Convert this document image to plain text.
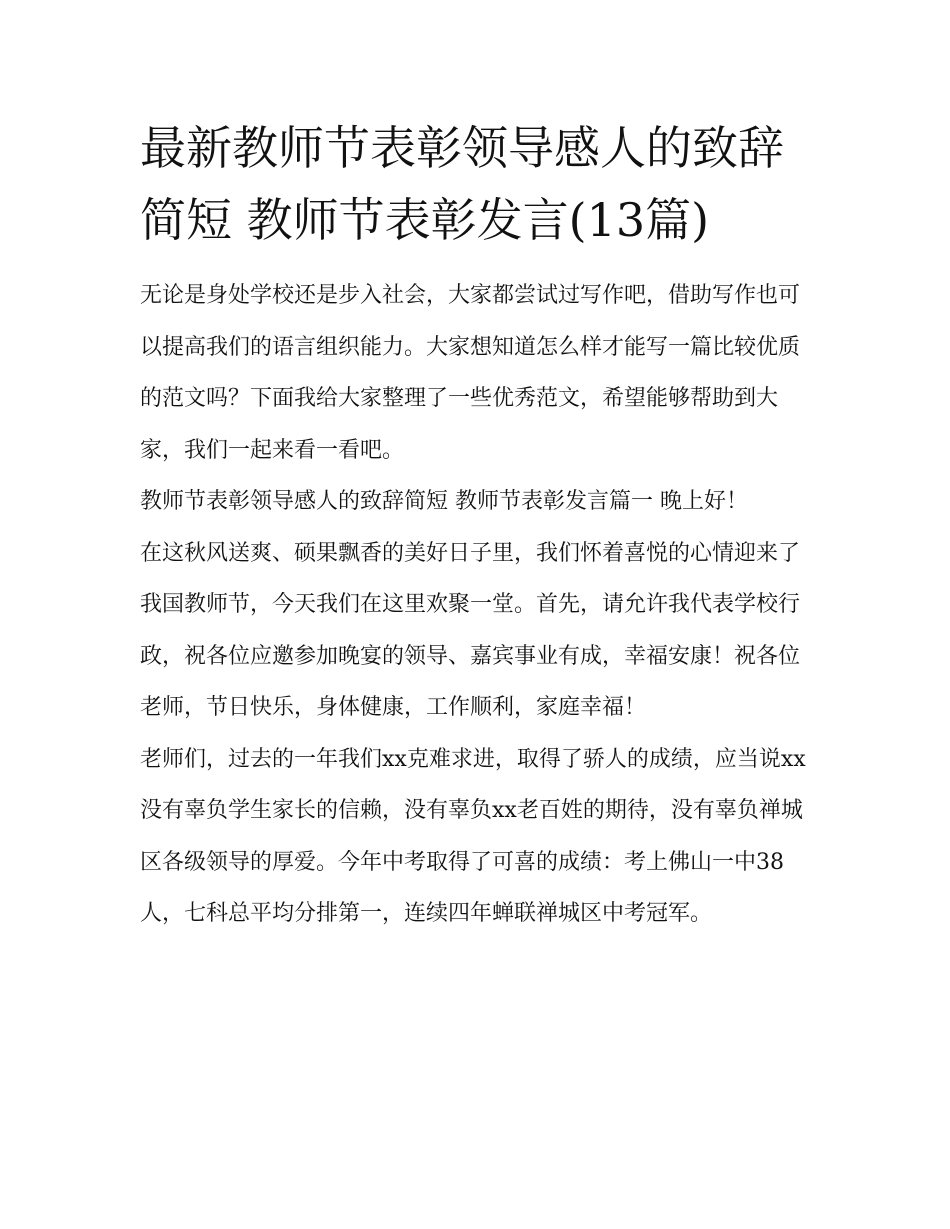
最新教师节表彰领导感人的致辞简短 教师节表彰发言(13篇)

无论是身处学校还是步入社会，大家都尝试过写作吧，借助写作也可以提高我们的语言组织能力。大家想知道怎么样才能写一篇比较优质的范文吗？下面我给大家整理了一些优秀范文，希望能够帮助到大家，我们一起来看一看吧。

教师节表彰领导感人的致辞简短 教师节表彰发言篇一 晚上好！

在这秋风送爽、硕果飘香的美好日子里，我们怀着喜悦的心情迎来了我国教师节，今天我们在这里欢聚一堂。首先，请允许我代表学校行政，祝各位应邀参加晚宴的领导、嘉宾事业有成，幸福安康！祝各位老师，节日快乐，身体健康，工作顺利，家庭幸福！

老师们，过去的一年我们xx克难求进，取得了骄人的成绩，应当说xx没有辜负学生家长的信赖，没有辜负xx老百姓的期待，没有辜负禅城区各级领导的厚爱。今年中考取得了可喜的成绩：考上佛山一中38人，七科总平均分排第一，连续四年蝉联禅城区中考冠军。
